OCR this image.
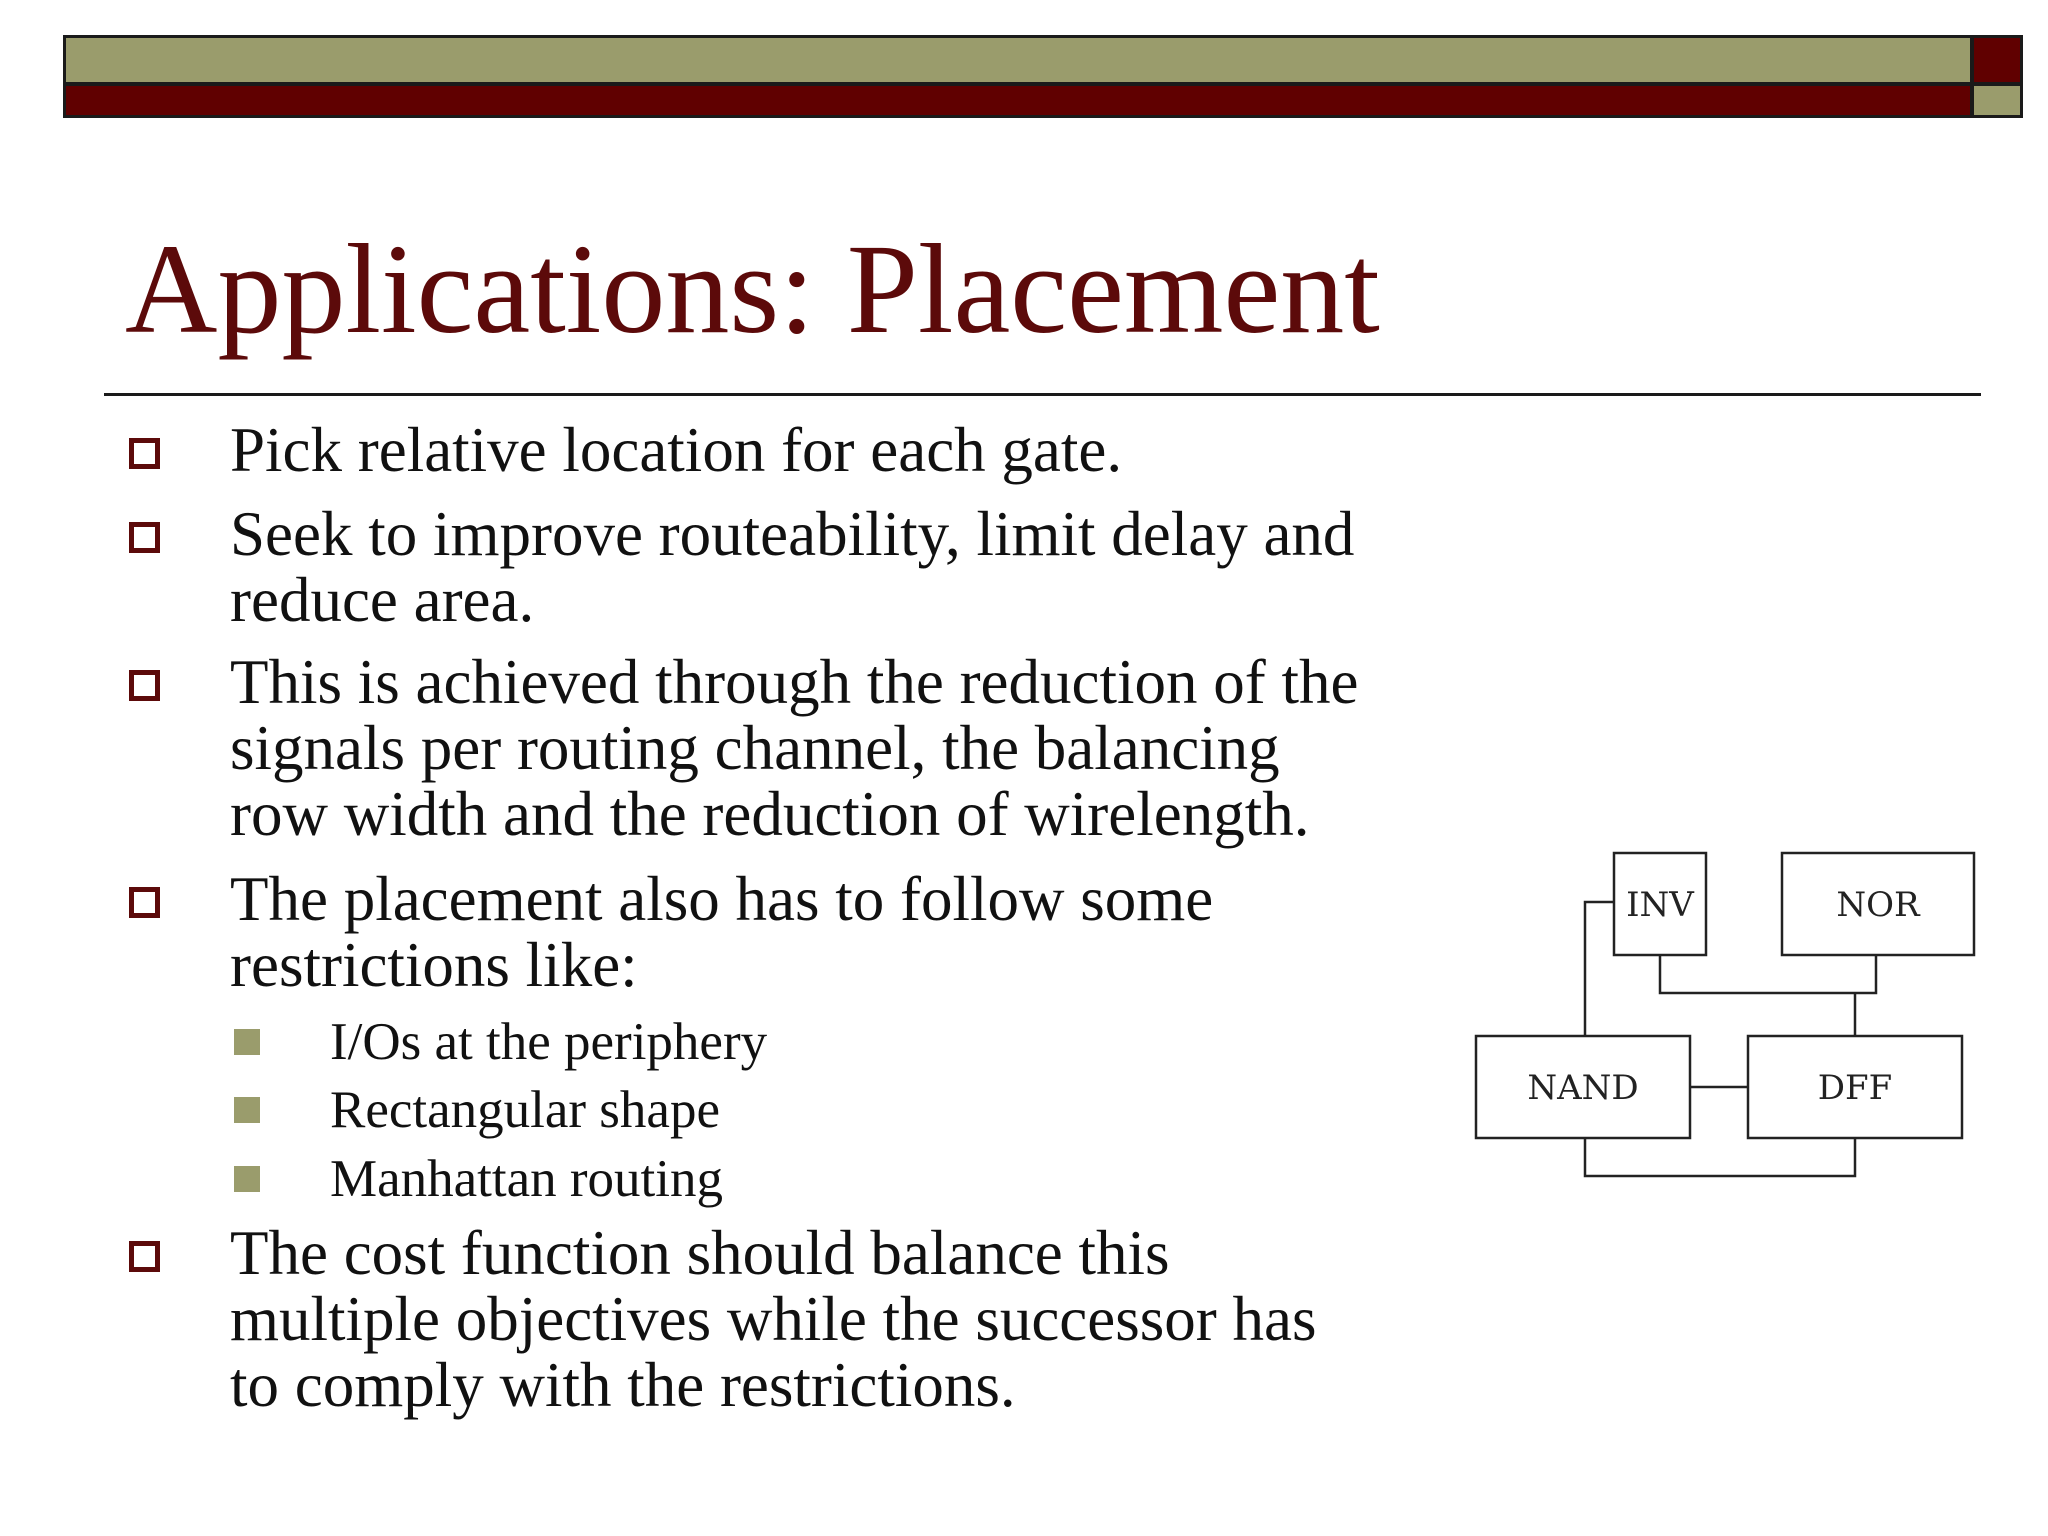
Applications: Placement
Pick relative location for each gate.
Seek to improve routeability, limit delay and
reduce area.
This is achieved through the reduction of the
signals per routing channel, the balancing
row width and the reduction of wirelength.
The placement also has to follow some
restrictions like:
I/Os at the periphery
Rectangular shape
Manhattan routing
The cost function should balance this
multiple objectives while the successor has
to comply with the restrictions.
INV	NOR
NAND	DFF
